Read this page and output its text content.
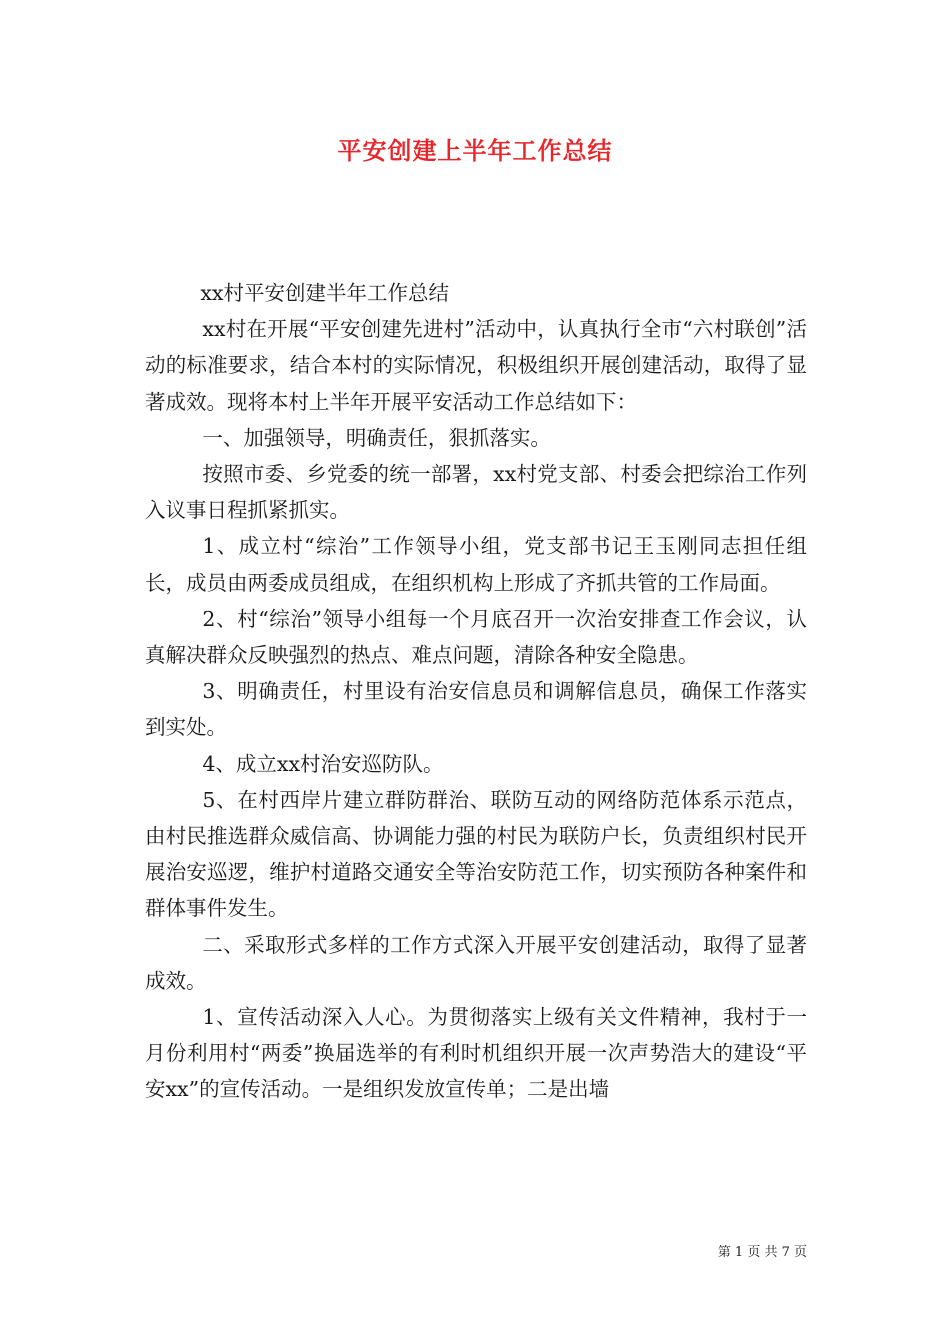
平安创建上半年工作总结

xx村平安创建半年工作总结

xx村在开展“平安创建先进村”活动中，认真执行全市“六村联创”活动的标准要求，结合本村的实际情况，积极组织开展创建活动，取得了显著成效。现将本村上半年开展平安活动工作总结如下：

一、加强领导，明确责任，狠抓落实。

按照市委、乡党委的统一部署，xx村党支部、村委会把综治工作列入议事日程抓紧抓实。

1、成立村“综治”工作领导小组，党支部书记王玉刚同志担任组长，成员由两委成员组成，在组织机构上形成了齐抓共管的工作局面。

2、村“综治”领导小组每一个月底召开一次治安排查工作会议，认真解决群众反映强烈的热点、难点问题，清除各种安全隐患。

3、明确责任，村里设有治安信息员和调解信息员，确保工作落实到实处。

4、成立xx村治安巡防队。

5、在村西岸片建立群防群治、联防互动的网络防范体系示范点，由村民推选群众威信高、协调能力强的村民为联防户长，负责组织村民开展治安巡逻，维护村道路交通安全等治安防范工作，切实预防各种案件和群体事件发生。

二、采取形式多样的工作方式深入开展平安创建活动，取得了显著成效。

1、宣传活动深入人心。为贯彻落实上级有关文件精神，我村于一月份利用村“两委”换届选举的有利时机组织开展一次声势浩大的建设“平安xx”的宣传活动。一是组织发放宣传单；二是出墙

第 1 页 共 7 页
